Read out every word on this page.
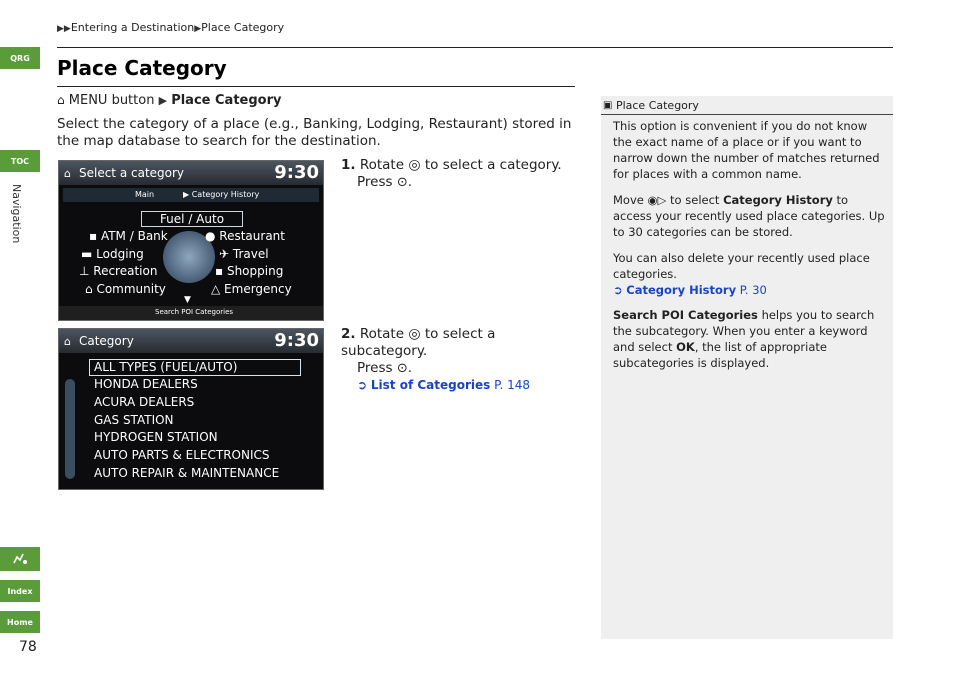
QRG
TOC
Navigation
Index
Home
78
▶▶Entering a Destination▶Place Category
Place Category
⌂ MENU button ▶ Place Category
Select the category of a place (e.g., Banking, Lodging, Restaurant) stored in the map database to search for the destination.
⌂ Select a category	9:30
Main	▶ Category History
Fuel / Auto
▪ ATM / Bank	● Restaurant
▬ Lodging	✈ Travel
⊥ Recreation	▪ Shopping
⌂ Community	△ Emergency
▼
Search POI Categories
1. Rotate ◎ to select a category.
Press ⊙.
⌂ Category	9:30
ALL TYPES (FUEL/AUTO)
HONDA DEALERS
ACURA DEALERS
GAS STATION
HYDROGEN STATION
AUTO PARTS & ELECTRONICS
AUTO REPAIR & MAINTENANCE
2. Rotate ◎ to select a subcategory.
Press ⊙.
➲ List of Categories P. 148
▣
Place Category
This option is convenient if you do not know the exact name of a place or if you want to narrow down the number of matches returned for places with a common name.
Move ◉▷ to select Category History to access your recently used place categories. Up to 30 categories can be stored.
You can also delete your recently used place categories.
➲ Category History P. 30
Search POI Categories helps you to search the subcategory. When you enter a keyword and select OK, the list of appropriate subcategories is displayed.
